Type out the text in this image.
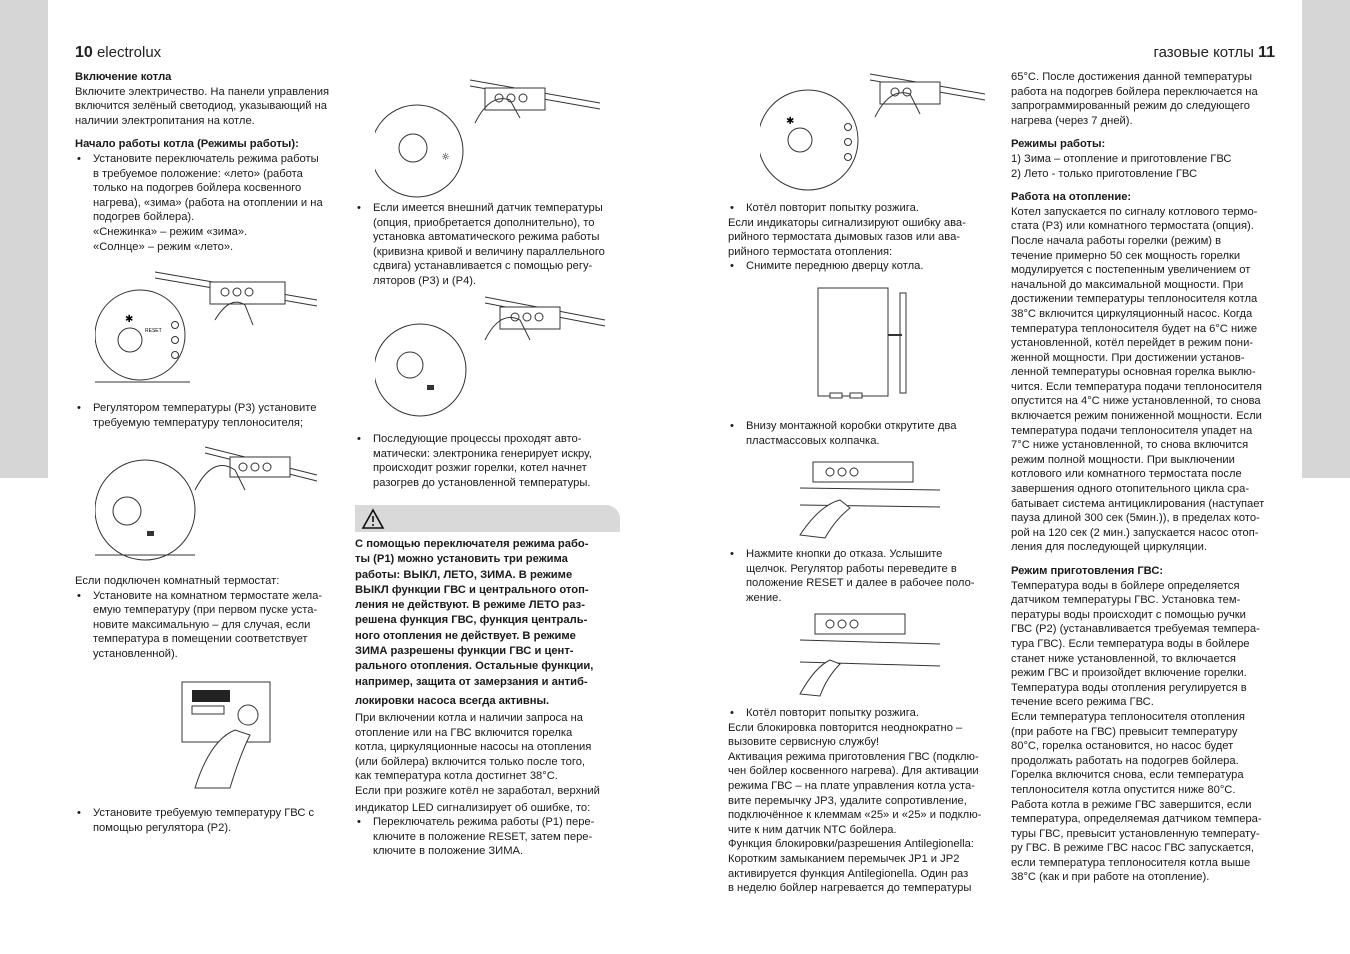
10 electrolux	газовые котлы 11

Включение котла

Включите электричество. На панели управления

включится зелёный светодиод, указывающий на

наличии электропитания на котле.

Начало работы котла (Режимы работы):

• Установите переключатель режима работы

в требуемое положение: «лето» (работа

только на подогрев бойлера косвенного

нагрева), «зима» (работа на отоплении и на

подогрев бойлера).

«Снежинка» – режим «зима».

«Солнце» – режим «лето».

✱
RESET

• Регулятором температуры (P3) установите

требуемую температуру теплоносителя;

Если подключен комнатный термостат:

• Установите на комнатном термостате жела-

емую температуру (при первом пуске уста-

новите максимальную – для случая, если

температура в помещении соответствует

установленной).

• Установите требуемую температуру ГВС с

помощью регулятора (P2).

☼

• Если имеется внешний датчик температуры

(опция, приобретается дополнительно), то

установка автоматического режима работы

(кривизна кривой и величину параллельного

сдвига) устанавливается с помощью регу-

ляторов (P3) и (P4).

• Последующие процессы проходят авто-

матически: электроника генерирует искру,

происходит розжиг горелки, котел начнет

разогрев до установленной температуры.

С помощью переключателя режима рабо-

ты (P1) можно установить три режима

работы: ВЫКЛ, ЛЕТО, ЗИМА. В режиме

ВЫКЛ функции ГВС и центрального отоп-

ления не действуют. В режиме ЛЕТО раз-

решена функция ГВС, функция централь-

ного отопления не действует. В режиме

ЗИМА разрешены функции ГВС и цент-

рального отопления. Остальные функции,

например, защита от замерзания и антиб-

локировки насоса всегда активны.

При включении котла и наличии запроса на

отопление или на ГВС включится горелка

котла, циркуляционные насосы на отопления

(или бойлера) включится только после того,

как температура котла достигнет 38°C.

Если при розжиге котёл не заработал, верхний

индикатор LED сигнализирует об ошибке, то:

• Переключатель режима работы (P1) пере-

ключите в положение RESET, затем пере-

ключите в положение ЗИМА.

✱

• Котёл повторит попытку розжига.

Если индикаторы сигнализируют ошибку ава-

рийного термостата дымовых газов или ава-

рийного термостата отопления:

• Снимите переднюю дверцу котла.

• Внизу монтажной коробки открутите два

пластмассовых колпачка.

• Нажмите кнопки до отказа. Услышите

щелчок. Регулятор работы переведите в

положение RESET и далее в рабочее поло-

жение.

• Котёл повторит попытку розжига.

Если блокировка повторится неоднократно –

вызовите сервисную службу!

Активация режима приготовления ГВС (подклю-

чен бойлер косвенного нагрева). Для активации

режима ГВС – на плате управления котла уста-

вите перемычку JP3, удалите сопротивление,

подключённое к клеммам «25» и «25» и подклю-

чите к ним датчик NTC бойлера.

Функция блокировки/разрешения Antilegionella:

Коротким замыканием перемычек JP1 и JP2

активируется функция Antilegionella. Один раз

в неделю бойлер нагревается до температуры

65°C. После достижения данной температуры

работа на подогрев бойлера переключается на

запрограммированный режим до следующего

нагрева (через 7 дней).

Режимы работы:

1) Зима – отопление и приготовление ГВС

2) Лето - только приготовление ГВС

Работа на отопление:

Котел запускается по сигналу котлового термо-

стата (P3) или комнатного термостата (опция).

После начала работы горелки (режим) в

течение примерно 50 сек мощность горелки

модулируется с постепенным увеличением от

начальной до максимальной мощности. При

достижении температуры теплоносителя котла

38°C включится циркуляционный насос. Когда

температура теплоносителя будет на 6°C ниже

установленной, котёл перейдет в режим пони-

женной мощности. При достижении установ-

ленной температуры основная горелка выклю-

чится. Если температура подачи теплоносителя

опустится на 4°C ниже установленной, то снова

включается режим пониженной мощности. Если

температура подачи теплоносителя упадет на

7°C ниже установленной, то снова включится

режим полной мощности. При выключении

котлового или комнатного термостата после

завершения одного отопительного цикла сра-

батывает система антициклирования (наступает

пауза длиной 300 сек (5мин.)), в пределах кото-

рой на 120 сек (2 мин.) запускается насос отоп-

ления для последующей циркуляции.

Режим приготовления ГВС:

Температура воды в бойлере определяется

датчиком температуры ГВС. Установка тем-

пературы воды происходит с помощью ручки

ГВС (P2) (устанавливается требуемая темпера-

тура ГВС). Если температура воды в бойлере

станет ниже установленной, то включается

режим ГВС и произойдет включение горелки.

Температура воды отопления регулируется в

течение всего режима ГВС.

Если температура теплоносителя отопления

(при работе на ГВС) превысит температуру

80°C, горелка остановится, но насос будет

продолжать работать на подогрев бойлера.

Горелка включится снова, если температура

теплоносителя котла опустится ниже 80°C.

Работа котла в режиме ГВС завершится, если

температура, определяемая датчиком темпера-

туры ГВС, превысит установленную температу-

ру ГВС. В режиме ГВС насос ГВС запускается,

если температура теплоносителя котла выше

38°C (как и при работе на отопление).
